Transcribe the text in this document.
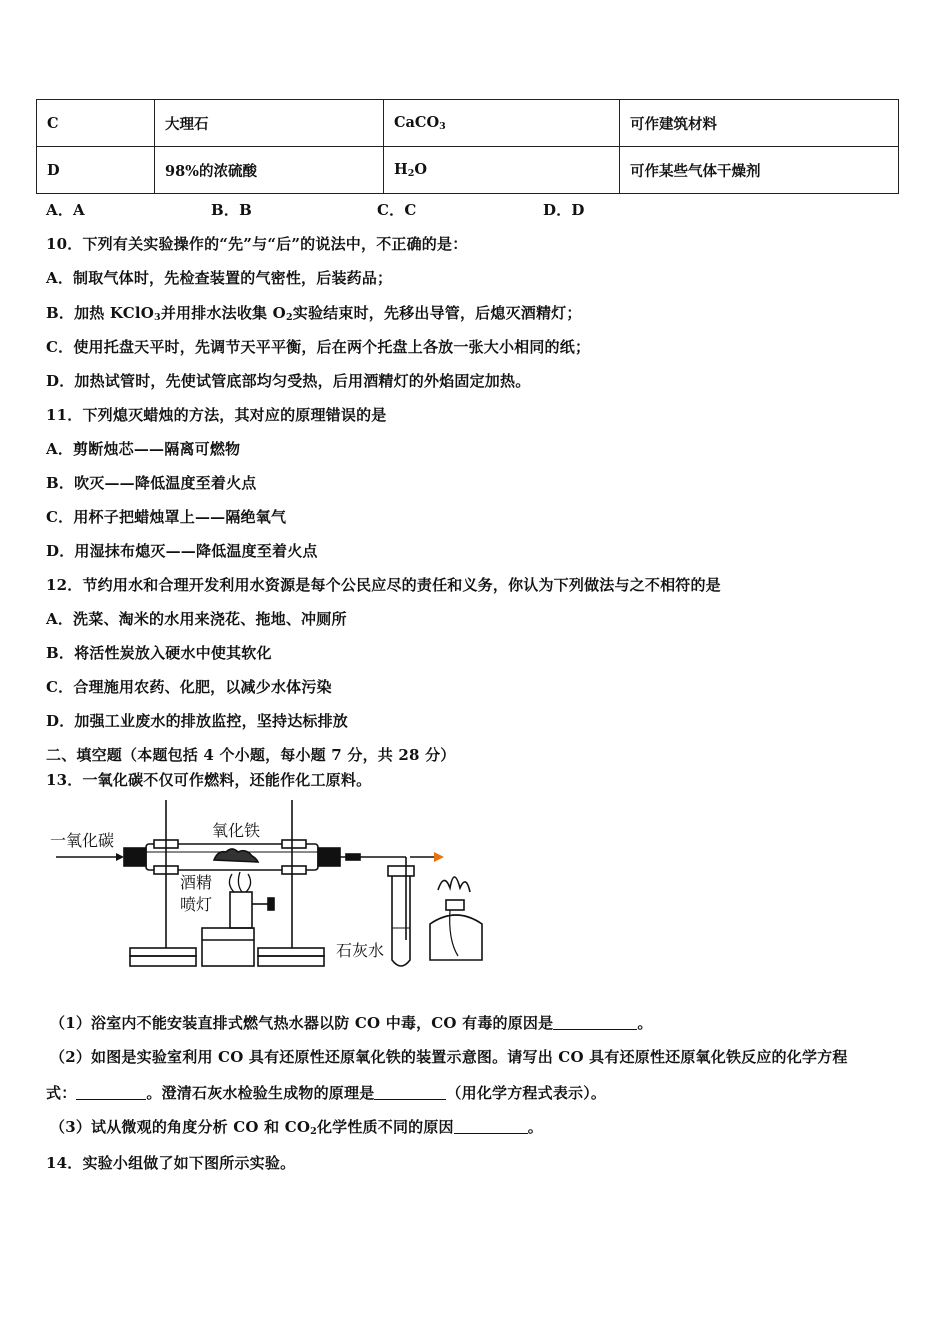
C	大理石	CaCO$_3$	可作建筑材料
D	98%的浓硫酸	$H_2O$	可作某些气体干燥剂
A．A	B．B	C．C	D．D
10．下列有关实验操作的“先”与“后”的说法中，不正确的是：
A．制取气体时，先检查装置的气密性，后装药品；
B．加热 KClO$_3$并用排水法收集 $O_2$实验结束时，先移出导管，后熄灭酒精灯；
C．使用托盘天平时，先调节天平平衡，后在两个托盘上各放一张大小相同的纸；
D．加热试管时，先使试管底部均匀受热，后用酒精灯的外焰固定加热。
11．下列熄灭蜡烛的方法，其对应的原理错误的是
A．剪断烛芯——隔离可燃物
B．吹灭——降低温度至着火点
C．用杯子把蜡烛罩上——隔绝氧气
D．用湿抹布熄灭——降低温度至着火点
12．节约用水和合理开发利用水资源是每个公民应尽的责任和义务，你认为下列做法与之不相符的是
A．洗菜、淘米的水用来浇花、拖地、冲厕所
B．将活性炭放入硬水中使其软化
C．合理施用农药、化肥，以减少水体污染
D．加强工业废水的排放监控，坚持达标排放
二、填空题（本题包括 4 个小题，每小题 7 分，共 28 分）
13．一氧化碳不仅可作燃料，还能作化工原料。
一氧化碳
氧化铁
酒精
喷灯
石灰水
（1）浴室内不能安装直排式燃气热水器以防 CO 中毒，CO 有毒的原因是	。
（2）如图是实验室利用 CO 具有还原性还原氧化铁的装置示意图。请写出 CO 具有还原性还原氧化铁反应的化学方程
式：	。澄清石灰水检验生成物的原理是	（用化学方程式表示）。
（3）试从微观的角度分析 CO 和 $CO_2$化学性质不同的原因	。
14．实验小组做了如下图所示实验。
